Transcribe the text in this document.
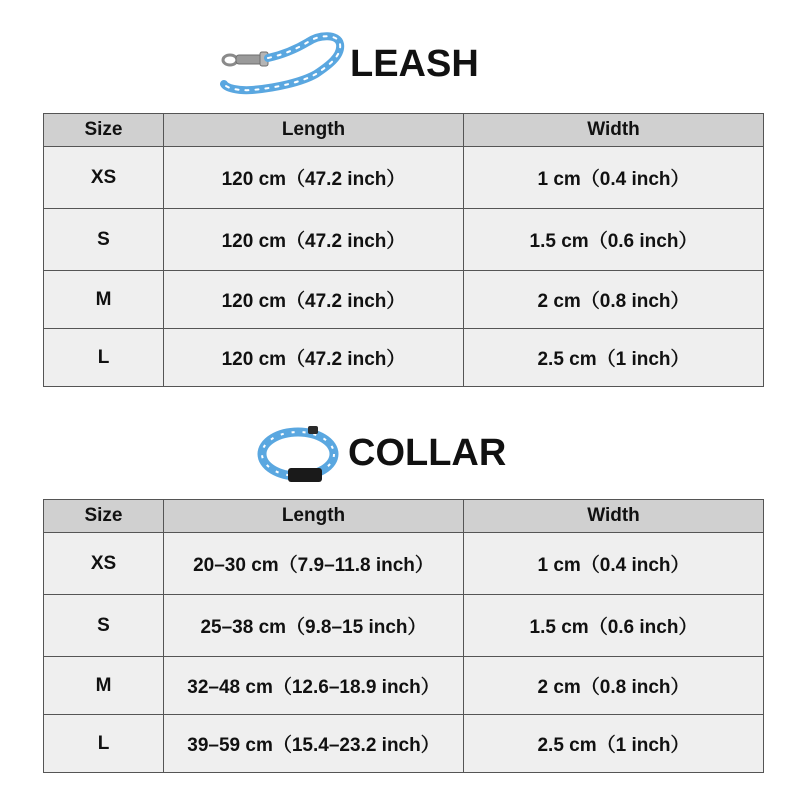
LEASH
Size	Length	Width
XS	120 cm（47.2 inch）	1 cm（0.4 inch）
S	120 cm（47.2 inch）	1.5 cm（0.6 inch）
M	120 cm（47.2 inch）	2 cm（0.8 inch）
L	120 cm（47.2 inch）	2.5 cm（1 inch）
COLLAR
Size	Length	Width
XS	20–30 cm（7.9–11.8 inch）	1 cm（0.4 inch）
S	25–38 cm（9.8–15 inch）	1.5 cm（0.6 inch）
M	32–48 cm（12.6–18.9 inch）	2 cm（0.8 inch）
L	39–59 cm（15.4–23.2 inch）	2.5 cm（1 inch）
